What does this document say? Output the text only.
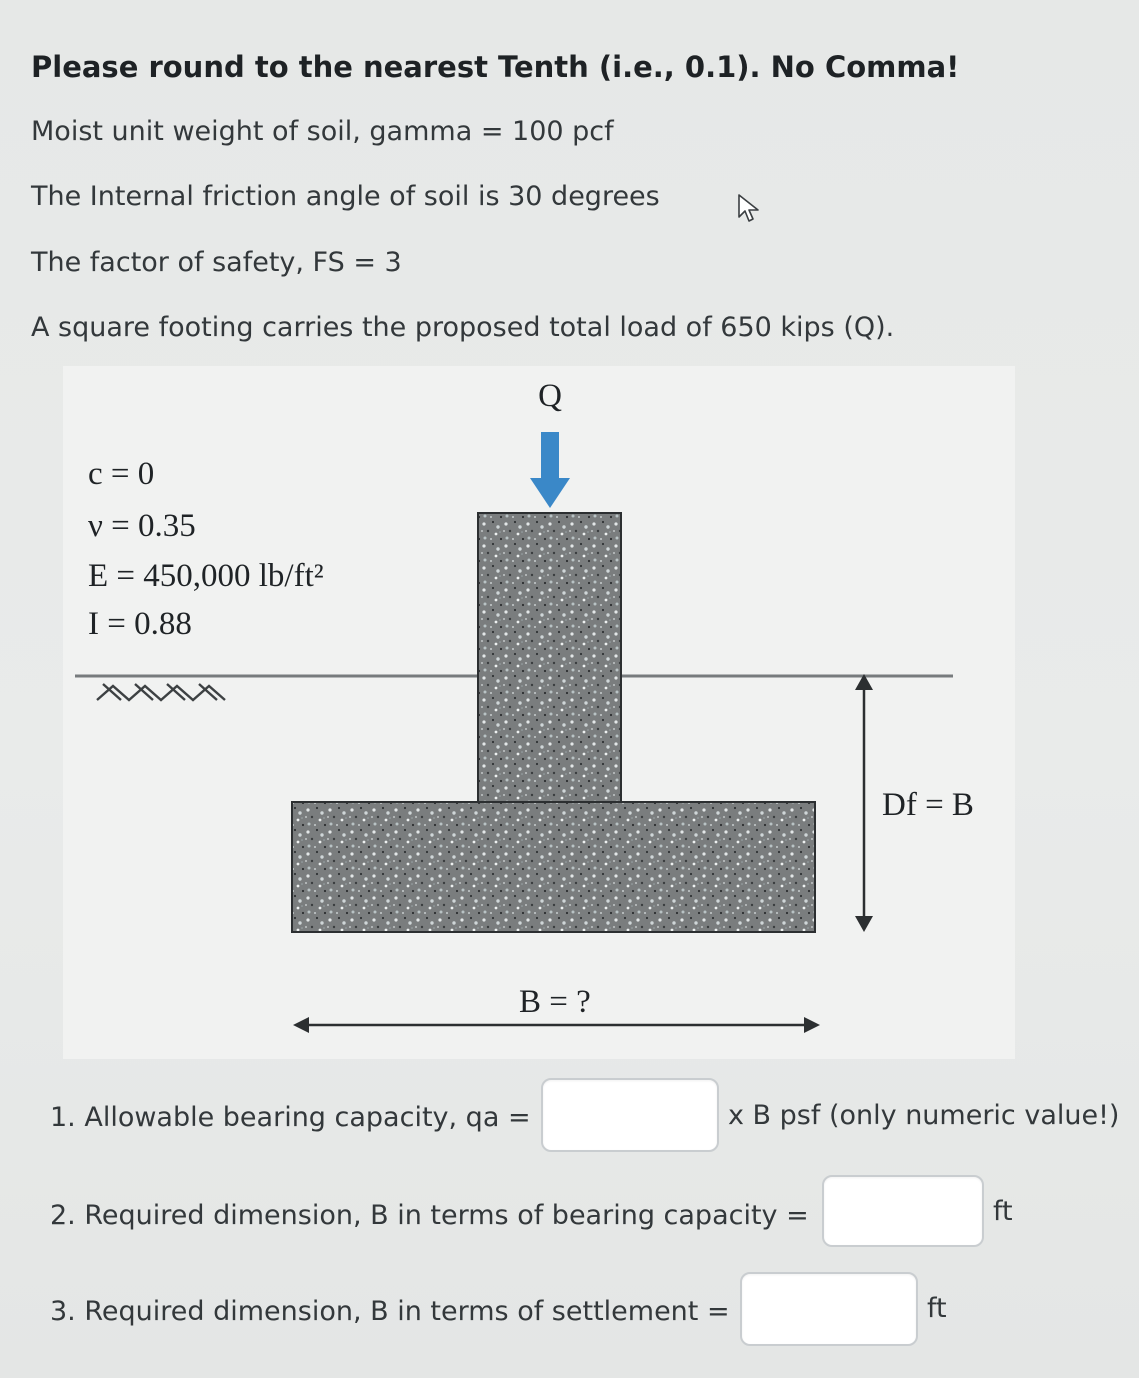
Please round to the nearest Tenth (i.e., 0.1). No Comma!
Moist unit weight of soil, gamma = 100 pcf
The Internal friction angle of soil is 30 degrees
The factor of safety, FS = 3
A square footing carries the proposed total load of 650 kips (Q).
Q
c = 0
ν = 0.35
E = 450,000 lb/ft²
I = 0.88
Df = B
B = ?
1. Allowable bearing capacity, qa =	x B psf (only numeric value!)
2. Required dimension, B in terms of bearing capacity =	ft
3. Required dimension, B in terms of settlement =	ft
